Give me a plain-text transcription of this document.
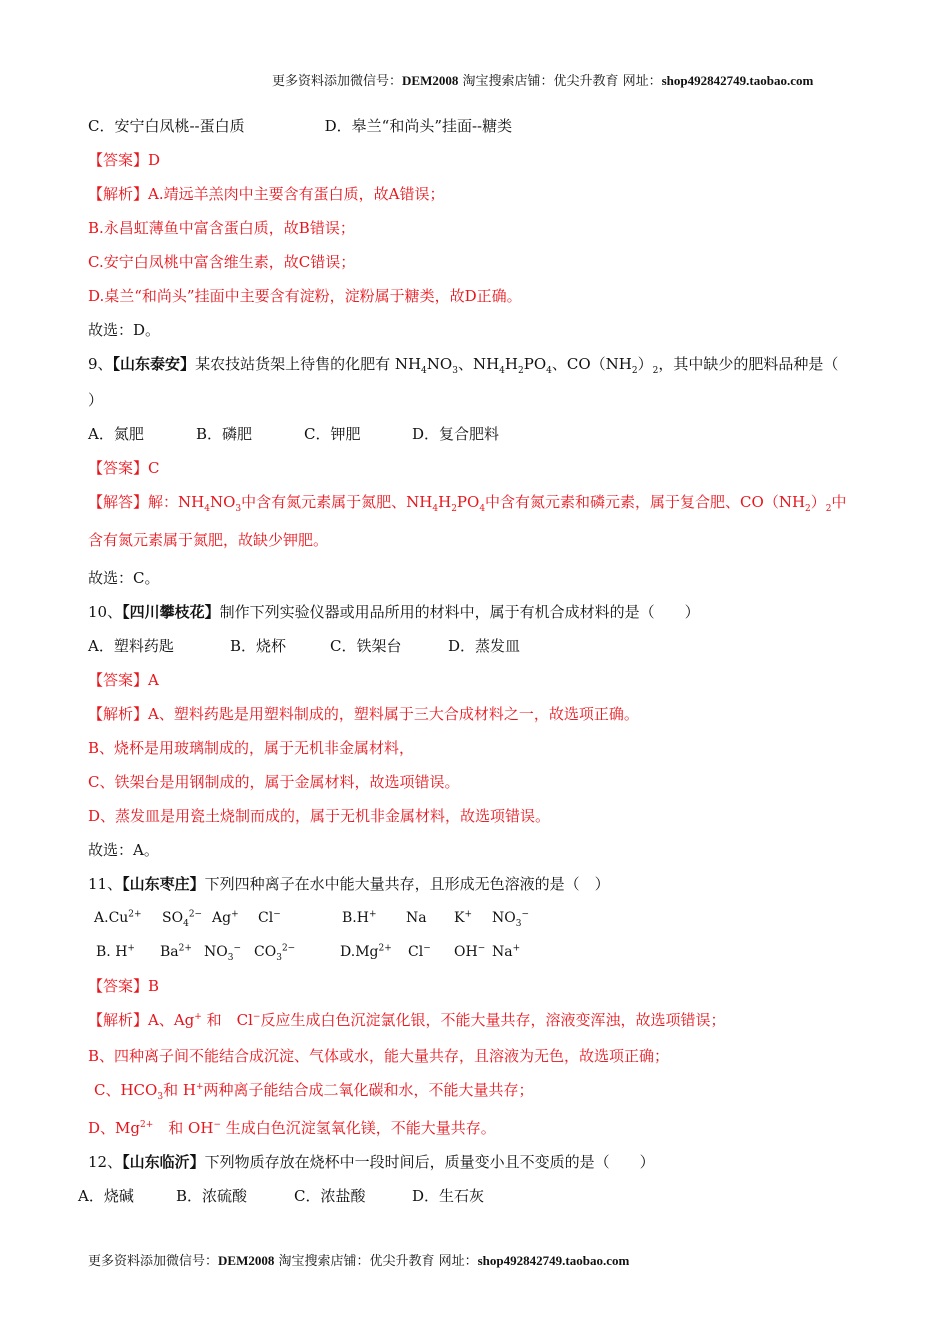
更多资料添加微信号：DEM2008 淘宝搜索店铺：优尖升教育 网址：shop492842749.taobao.com
C．安宁白凤桃--蛋白质	D．皋兰“和尚头”挂面--糖类
【答案】D
【解析】A.靖远羊羔肉中主要含有蛋白质，故A错误；
B.永昌虹薄鱼中富含蛋白质，故B错误；
C.安宁白凤桃中富含维生素，故C错误；
D.桌兰“和尚头”挂面中主要含有淀粉，淀粉属于糖类，故D正确。
故选：D。
9、【山东泰安】某农技站货架上待售的化肥有 $NH_4NO_3$、$NH_4H_2PO_4$、$CO(NH_2)_2$，其中缺少的肥料品种是（
）
A．氮肥	B．磷肥	C．钾肥	D．复合肥料
【答案】C
【解答】解：$NH_4NO_3$中含有氮元素属于氮肥、$NH_4H_2PO_4$中含有氮元素和磷元素，属于复合肥、$CO(NH_2)_2$中
含有氮元素属于氮肥，故缺少钾肥。
故选：C。
10、【四川攀枝花】制作下列实验仪器或用品所用的材料中，属于有机合成材料的是（　　）
A．塑料药匙	B．烧杯	C．铁架台	D．蒸发皿
【答案】A
【解析】A、塑料药匙是用塑料制成的，塑料属于三大合成材料之一，故选项正确。
B、烧杯是用玻璃制成的，属于无机非金属材料，
C、铁架台是用钢制成的，属于金属材料，故选项错误。
D、蒸发皿是用瓷土烧制而成的，属于无机非金属材料，故选项错误。
故选：A。
11、【山东枣庄】下列四种离子在水中能大量共存，且形成无色溶液的是（　）
$A.Cu^{2+}$ $SO_4^{2-}$ Ag+ Cl−	B.H+ Na K+ $NO_3^-$
B. H+ $Ba^{2+}$ $NO_3^-$ $CO_3^{2-}$	$D.Mg^{2+}$ Cl− OH− Na+
【答案】B
【解析】A、Ag+ 和　Cl−反应生成白色沉淀氯化银，不能大量共存，溶液变浑浊，故选项错误；
B、四种离子间不能结合成沉淀、气体或水，能大量共存，且溶液为无色，故选项正确；
C、$HCO_3$和 H+两种离子能结合成二氧化碳和水，不能大量共存；
D、$Mg^{2+}$　和 OH− 生成白色沉淀氢氧化镁，不能大量共存。
12、【山东临沂】下列物质存放在烧杯中一段时间后，质量变小且不变质的是（　　）
A．烧碱	B．浓硫酸	C．浓盐酸	D．生石灰
更多资料添加微信号：DEM2008 淘宝搜索店铺：优尖升教育 网址：shop492842749.taobao.com
